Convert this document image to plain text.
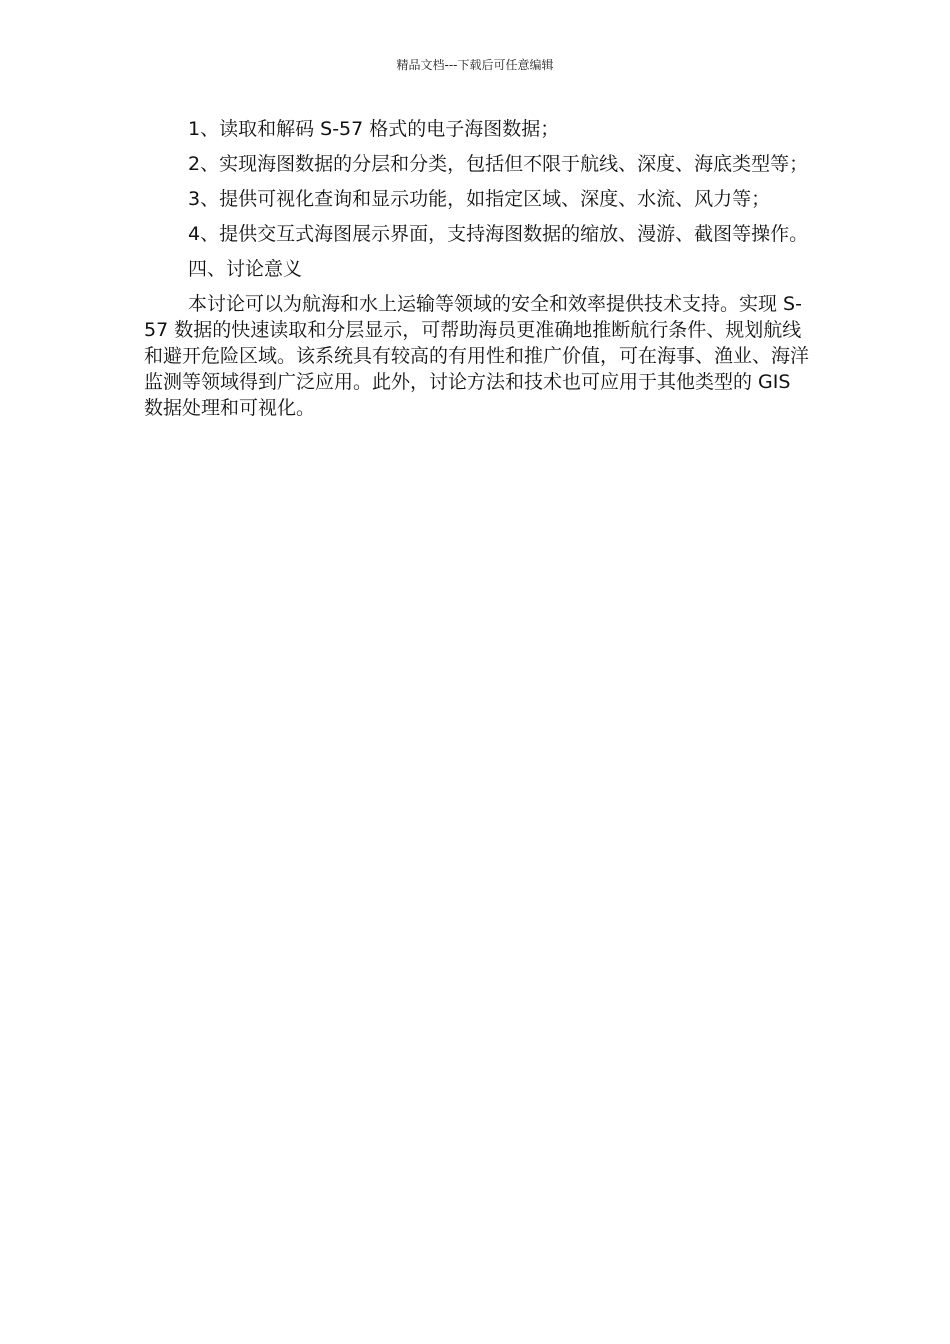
精品文档---下载后可任意编辑

1、读取和解码 S-57 格式的电子海图数据；

2、实现海图数据的分层和分类，包括但不限于航线、深度、海底类型等；

3、提供可视化查询和显示功能，如指定区域、深度、水流、风力等；

4、提供交互式海图展示界面，支持海图数据的缩放、漫游、截图等操作。

四、讨论意义

本讨论可以为航海和水上运输等领域的安全和效率提供技术支持。实现 S-57 数据的快速读取和分层显示，可帮助海员更准确地推断航行条件、规划航线和避开危险区域。该系统具有较高的有用性和推广价值，可在海事、渔业、海洋监测等领域得到广泛应用。此外，讨论方法和技术也可应用于其他类型的 GIS 数据处理和可视化。
